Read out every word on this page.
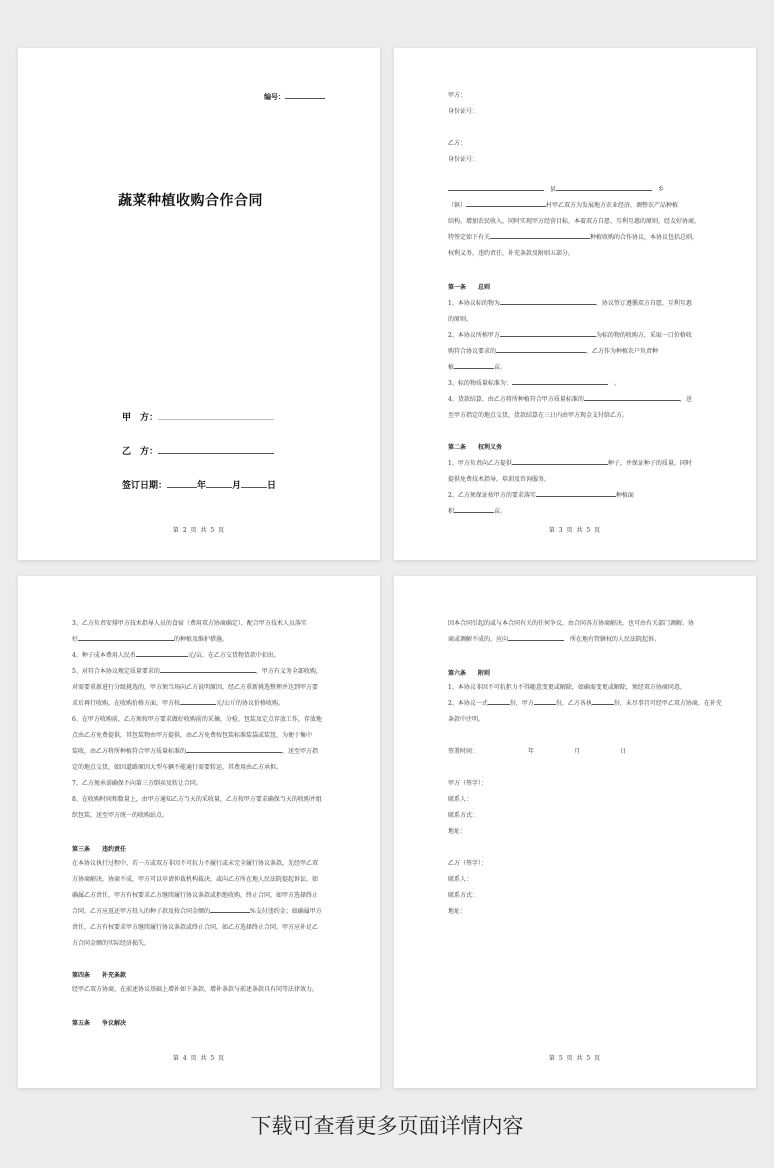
编号：
蔬菜种植收购合作合同
甲　方：
乙　方：
签订日期：	年	月	日
第 2 页 共 5 页
甲方：
身份证号：
乙方：
身份证号：
　县　	乡
（镇）	村甲乙双方为发展地方农业经济，调整农产品种植
结构，增加农民收入，同时实现甲方经营目标，本着双方自愿、互利互惠的原则，经友好协商，
特签定如下有关	种植收购的合作协议，本协议包括总则，
权利义务，违约责任，补充条款及附则五部分。
第一条　　总则
1、本协议标的物为	，协议签订遵循双方自愿，互利互惠
的原则。
2、本协议所称甲方	为标的物的收购方，采取一口价格收
购符合协议要求的	，乙方作为种植农户负责种
植	亩。
3、标的物质量标准为：	　。
4、货款结算，由乙方将所种植符合甲方质量标准的	，送
至甲方指定的地点交货，货款结算在三日内由甲方现金支付给乙方。
第二条　　权利义务
1、甲方负责向乙方提供	种子，并保证种子的质量，同时
提供免费技术指导，培训及咨询服务。
2、乙方须保证按甲方的要求落实	种植面
积	亩。
第 3 页 共 5 页
3、乙方负责安排甲方技术指导人员的食宿（费用双方协商确定），配合甲方技术人员落实
好	的种植及维护措施。
4、种子成本费用人民币	元/亩，在乙方交货物货款中扣出。
5、对符合本协议规定质量要求的	，甲方有义务全部收购，
对需要重新进行分级挑选的，甲方须当场向乙方说明原因，经乙方重新挑选整理并达到甲方要
求后再行收购，在收购价格方面，甲方按	元/公斤的协议价格收购。
6、在甲方收购前，乙方须按甲方要求做好收购前的采摘、分检、包装及定点存放工作，存放地
点由乙方免费提供，其包装物由甲方提供，由乙方免费按包装标准装袋或装筐，为便于集中
装收，由乙方将所种植符合甲方质量标准的	，送至甲方指
定的地点交货，如因道路原因大型车辆不能通行需要转运，其费用由乙方承担。
7、乙方须承诺确保不向第三方倒卖及转让合同。
8、在收购时间和数量上，由甲方通知乙方当天的采收量，乙方按甲方要求确保当天的收购并组
织包装，送至甲方统一的收购站点。
第三条　　违约责任
在本协议执行过程中，若一方或双方非因不可抗力不履行或未完全履行协议条款，先经甲乙双
方协商解决，协商不成，甲方可以申请仲裁机构裁决，或向乙方所在地人民法院提起诉讼，如
确属乙方责任，甲方有权要求乙方继续履行协议条款或拒绝收购，终止合同，如甲方选择终止
合同，乙方应返还甲方投入的种子款及按合同金额的	%支付违约金；如确属甲方
责任，乙方有权要求甲方继续履行协议条款或终止合同，如乙方选择终止合同，甲方应补足乙
方合同金额的实际经济损失。
第四条　　补充条款
经甲乙双方协商，在前述协议基础上增补如下条款，增补条款与前述条款具有同等法律效力。
第五条　　争议解决
第 4 页 共 5 页
因本合同引起的或与本合同有关的任何争议，由合同各方协商解决，也可由有关部门调解。协
商或调解不成的，应向　	所在地有管辖权的人民法院起诉。
第六条　　附则
1、本协议非因不可抗拒力不得随意变更或解除，如确需变更或解除，须经双方协商同意。
2、本协议一式	份，甲方	份，乙方各执	份，未尽事宜可经甲乙双方协商，在补充
条款中注明。
签署时间：	年	月	日
甲方（签字）：
联系人：
联系方式：
地址：
乙方（签字）：
联系人：
联系方式：
地址：
第 5 页 共 5 页
下载可查看更多页面详情内容
